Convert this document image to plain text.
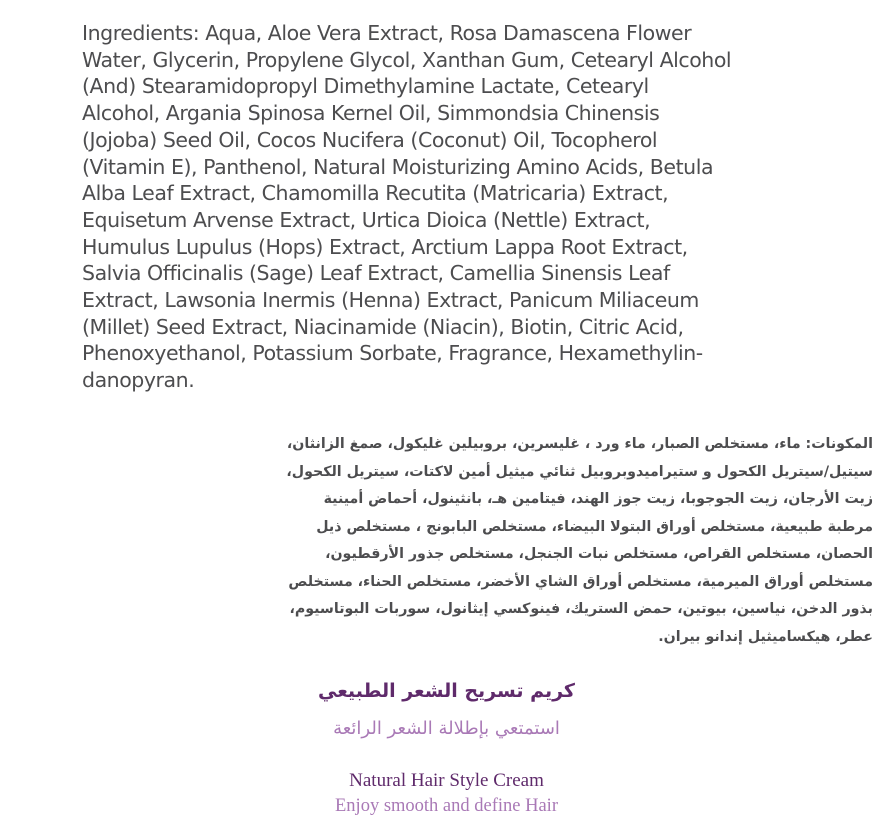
Ingredients: Aqua, Aloe Vera Extract, Rosa Damascena Flower
Water, Glycerin, Propylene Glycol, Xanthan Gum, Cetearyl Alcohol
(And) Stearamidopropyl Dimethylamine Lactate, Cetearyl
Alcohol, Argania Spinosa Kernel Oil, Simmondsia Chinensis
(Jojoba) Seed Oil, Cocos Nucifera (Coconut) Oil, Tocopherol
(Vitamin E), Panthenol, Natural Moisturizing Amino Acids, Betula
Alba Leaf Extract, Chamomilla Recutita (Matricaria) Extract,
Equisetum Arvense Extract, Urtica Dioica (Nettle) Extract,
Humulus Lupulus (Hops) Extract, Arctium Lappa Root Extract,
Salvia Officinalis (Sage) Leaf Extract, Camellia Sinensis Leaf
Extract, Lawsonia Inermis (Henna) Extract, Panicum Miliaceum
(Millet) Seed Extract, Niacinamide (Niacin), Biotin, Citric Acid,
Phenoxyethanol, Potassium Sorbate, Fragrance, Hexamethylin-
danopyran.

المكونات: ماء، مستخلص الصبار، ماء ورد ، غليسرين، بروبيلين غليكول، صمغ الزانثان،
سيتيل/سيتريل الكحول و ستيراميدوبروبيل ثنائي ميثيل أمين لاكتات، سيتريل الكحول،
زيت الأرجان، زيت الجوجوبا، زيت جوز الهند، فيتامين هـ، بانثينول، أحماض أمينية
مرطبة طبيعية، مستخلص أوراق البتولا البيضاء، مستخلص البابونج ، مستخلص ذيل
الحصان، مستخلص القراص، مستخلص نبات الجنجل، مستخلص جذور الأرقطيون،
مستخلص أوراق الميرمية، مستخلص أوراق الشاي الأخضر، مستخلص الحناء، مستخلص
بذور الدخن، نياسين، بيوتين، حمض الستريك، فينوكسي إيثانول، سوربات البوتاسيوم،
عطر، هيكساميثيل إندانو بيران.

كريم تسريح الشعر الطبيعي

استمتعي بإطلالة الشعر الرائعة

Natural Hair Style Cream

Enjoy smooth and define Hair
